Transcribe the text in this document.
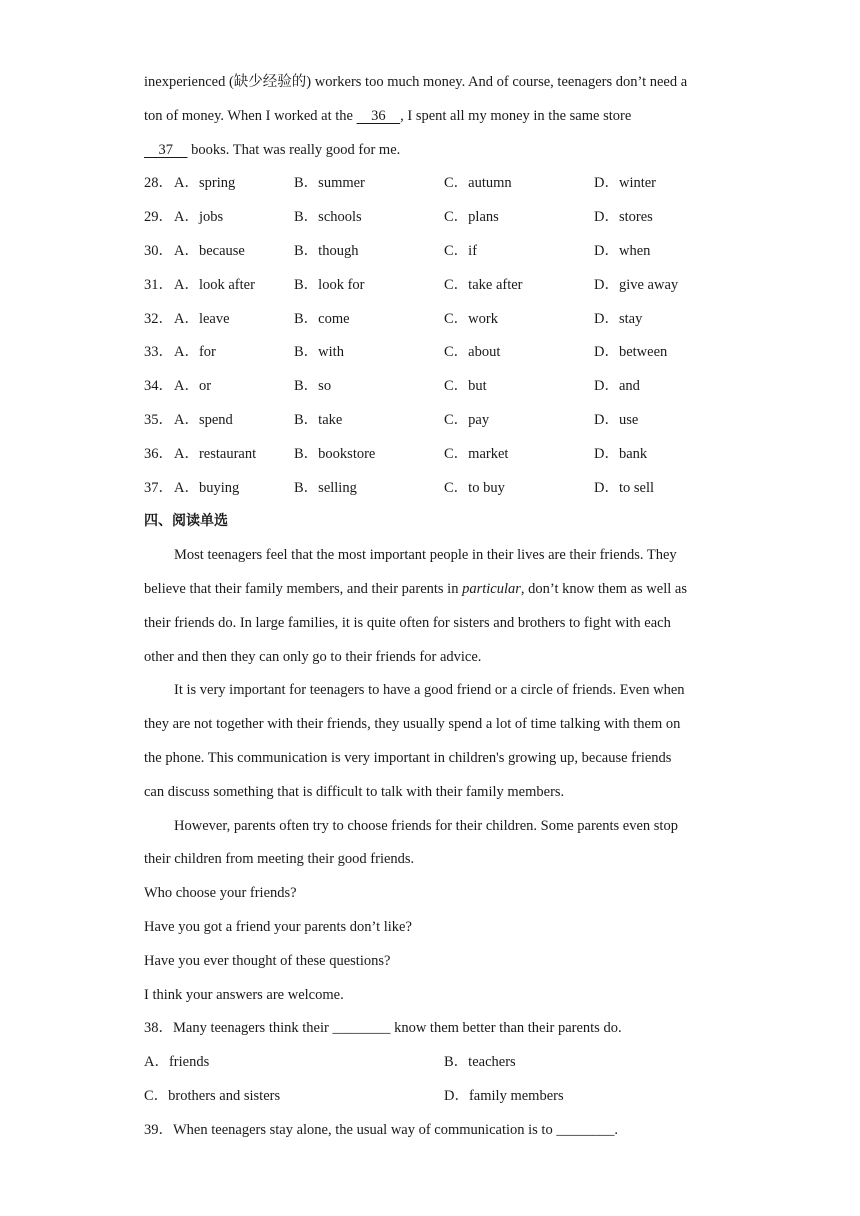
inexperienced (缺少经验的) workers too much money. And of course, teenagers don’t need a
ton of money. When I worked at the     36    , I spent all my money in the same store
37     books. That was really good for me.
28． A．spring	B．summer	C．autumn	D．winter
29． A．jobs	B．schools	C．plans	D．stores
30． A．because	B．though	C．if	D．when
31． A．look after	B．look for	C．take after	D．give away
32． A．leave	B．come	C．work	D．stay
33． A．for	B．with	C．about	D．between
34． A．or	B．so	C．but	D．and
35． A．spend	B．take	C．pay	D．use
36． A．restaurant	B．bookstore	C．market	D．bank
37． A．buying	B．selling	C．to buy	D．to sell
四、阅读单选
Most teenagers feel that the most important people in their lives are their friends. They
believe that their family members, and their parents in particular, don’t know them as well as
their friends do. In large families, it is quite often for sisters and brothers to fight with each
other and then they can only go to their friends for advice.
It is very important for teenagers to have a good friend or a circle of friends. Even when
they are not together with their friends, they usually spend a lot of time talking with them on
the phone. This communication is very important in children's growing up, because friends
can discuss something that is difficult to talk with their family members.
However, parents often try to choose friends for their children. Some parents even stop
their children from meeting their good friends.
Who choose your friends?
Have you got a friend your parents don’t like?
Have you ever thought of these questions?
I think your answers are welcome.
38．Many teenagers think their ________ know them better than their parents do.
A．friends	B．teachers
C．brothers and sisters	D．family members
39．When teenagers stay alone, the usual way of communication is to ________.
